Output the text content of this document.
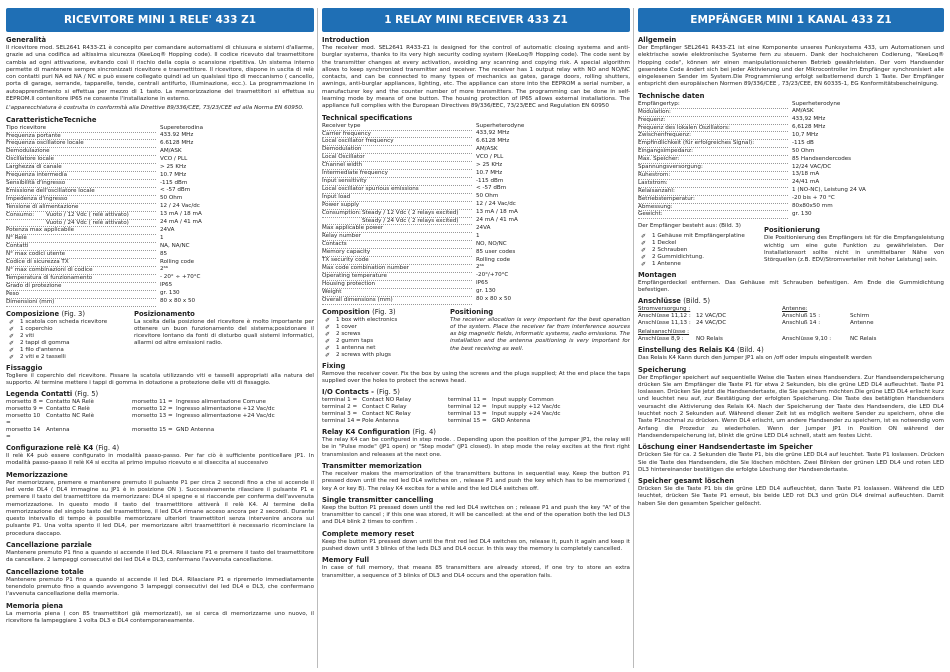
RICEVITORE MINI 1 RELE' 433 Z1
Generalità
Il ricevitore mod. SEL2641 R433-Z1 è concepito per comandare automatismi di chiusura e sistemi d'allarme, grazie ad una codifica ad altissima sicurezza (KeeLoq® Hopping code). Il codice ricevuto dal trasmettitore cambia ad ogni attivazione, evitando così il rischio della copia o scansione ripetitiva. Un sistema interno permette di mantenere sempre sincronizzati ricevitore e trasmettitore. Il ricevitore, dispone in uscita di relè con contatti puri NA ed NA / NC e può essere collegato quindi ad un qualsiasi tipo di meccanismo ( cancello, porta di garage, serrande, tapparelle, tende, centrali antifurto, illuminazione, ecc.). La programmazione in autoapprendimento si effettua per mezzo di 1 tasto. La memorizzazione dei trasmettitori si effettua su EEPROM.Il contenitore IP65 ne consente l'installazione in esterno.
L'apparecchiatura è costruita in conformità alla Direttive 89/336/CEE, 73/23/CEE ed alla Norma EN 60950.
CaratteristicheTecniche
Tipo ricevitore	Supereterodina
Frequenza portante	433.92 MHz
Frequenza oscillatore locale	6.6128 MHz
Demodulazione	AM/ASK
Oscillatore locale	VCO / PLL
Larghezza di canale	> 25 KHz
Frequenza intermedia	10.7 MHz
Sensibilità d'ingresso	-115 dBm
Emissione dell'oscillatore locale	< -57 dBm
Impedenza d'ingresso	50 Ohm
Tensione di alimentazione	12 / 24 Vac/dc

Consumo: Vuoto / 12 Vdc ( relè attivato)	13 mA / 18 mA

Vuoto / 24 Vdc ( relè attivato)	24 mA / 41 mA
Potenza max applicabile	24VA
N° Relè	1
Contatti	NA, NA/NC
N° max codici utente	85
Codice di sicurezza TX	Rolling code
N° max combinazioni di codice	2⁶⁶
Temperatura di funzionamento	- 20° ÷ +70°C
Grado di protezione	IP65
Peso	gr. 130
Dimensioni (mm)	80 x 80 x 50
Composizione (Fig. 3)
✐	1 scatola con scheda ricevitore
✐	1 coperchio
✐	2 viti
✐	2 tappi di gomma
✐	1 filo d'antenna
✐	2 viti e 2 tasselli
Posizionamento
La scelta della posizione del ricevitore è molto importante per ottenere un buon funzionamento del sistema;posizionare il ricevitore lontano da fonti di disturbo quali sistemi informatici, allarmi od altre emissioni radio.
Fissaggio
Togliere il coperchio del ricevitore. Fissare la scatola utilizzando viti e tasselli appropriati alla natura del supporto. Al termine mettere i tappi di gomma in dotazione a protezione delle viti di fissaggio.
Legenda Contatti (Fig. 5)
morsetto 8 = Contatto NA Relè	morsetto 11 = Ingresso alimentazione Comune
morsetto 9 = Contatto C Relè	morsetto 12 = Ingresso alimentazione +12 Vac/dc
morsetto 10 =
Contatto NC Relè	morsetto 13 = Ingresso alimentazione +24 Vac/dc
morsetto 14 =
Antenna	morsetto 15 = GND Antenna
Configurazione relè K4 (Fig. 4)
Il relè K4 può essere configurato in modalità passo-passo. Per far ciò è sufficiente ponticellare JP1. In modalità passo-passo il relè K4 si eccita al primo impulso ricevuto e si diseccita al successivo
Memorizzazione
Per memorizzare, premere e mantenere premuto il pulsante P1 per circa 2 secondi fino a che si accende il led verde DL4 ( DL4 immagine su JP1 è in posizione ON ). Successivamente rilasciare il pulsante P1 e premere il tasto del trasmettitore da memorizzare: DL4 si spegne e si riaccende per conferma dell'avvenuta memorizzazione. In questo modo il tasto del trasmettitore attiverà il relè K4. Al termine della memorizzazione del singolo tasto del trasmettitore, il led DL4 rimane acceso ancora per 2 secondi. Durante questo intervallo di tempo è possibile memorizzare ulteriori trasmettitori senza intervenire ancora sul pulsante P1. Una volta spento il led DL4, per memorizzare altri trasmettitori è necessario ricominciare la procedura daccapo.
Cancellazione parziale
Mantenere premuto P1 fino a quando si accende il led DL4. Rilasciare P1 e premere il tasto del trasmettitore da cancellare. 2 lampeggi consecutivi dei led DL4 e DL3, confermano l'avvenuta cancellazione.
Cancellazione totale
Mantenere premuto P1 fino a quando si accende il led DL4. Rilasciare P1 e ripremerlo immediatamente tenendolo premuto fino a quando avvengono 3 lampeggi consecutivi dei led DL4 e DL3, che confermano l'avvenuta cancellazione della memoria.
Memoria piena
La memoria piena ( con 85 trasmettitori già memorizzati), se si cerca di memorizzarne uno nuovo, il ricevitore fa lampeggiare 1 volta DL3 e DL4 contemporaneamente.
1 RELAY MINI RECEIVER 433 Z1
Introduction
The receiver mod. SEL2641 R433-Z1 is designed for the control of automatic closing systems and anti-burglar systems, thanks to its very high security coding system (KeeLoq® Hopping code). The code sent by the transmitter changes at every activation, avoiding any scanning and copying risk. A special algorithm allows to keep synchronized transmitter and receiver. The receiver has 1 output relay with NO and NO/NC contacts, and can be connected to many types of mechanics as gates, garage doors, rolling shutters, awnings, anti-burglar appliances, lighting, etc. The appliance can store into the EEPROM a serial number, a manufacturer key and the counter number of more transmitters. The programming can be done in self-learning mode by means of one button. The housing protection of IP65 allows external installations. The appliance full complies with the European Directives 89/336/EEC, 73/23/EEC and Regulation EN 60950
Technical specifications
Receiver type	Superheterodyne
Carrier frequency	433,92 MHz
Local oscillator frequency	6.6128 MHz
Demodulation	AM/ASK
Local Oscillator	VCO / PLL
Channel width	> 25 KHz
Intermediate frequency	10.7 MHz
Input sensitivity	-115 dBm
Local oscillator spurious emissions	< -57 dBm
Input load	50 Ohm
Power supply	12 / 24 Vac/dc

Consumption: Steady / 12 Vdc ( 2 relays excited)	13 mA / 18 mA

Steady / 24 Vdc ( 2 relays excited)	24 mA / 41 mA
Max applicable power	24VA
Relay number	1
Contacts	NO, NO/NC
Memory capacity	85 user codes
TX security code	Rolling code
Max code combination number	2⁶⁶
Operating temperature	-20°/+70°C
Housing protection	IP65
Weight	gr. 130
Overall dimensions (mm)	80 x 80 x 50
Composition (Fig. 3)
✐	1 box with electronics
✐	1 cover
✐	2 screws
✐	2 gumm taps
✐	1 antenna net
✐	2 screws with plugs
Positioning
The receiver allocation is very important for the best operation of the system. Place the receiver far from interference sources as big magnetic fields, informatic systems, radio emissions. The installation and the antenna positioning is very important for the best receiving as well.
Fixing
Remove the receiver cover. Fix the box by using the screws and the plugs supplied; At the end place the taps supplied over the holes to protect the screws head.
I/O Contacts - (Fig. 5)
terminal 1 = Contact NO Relay	terminal 11 = Input supply Common
terminal 2 = Contact C Relay	terminal 12 = Input supply +12 Vac/dc
terminal 3 = Contact NC Relay	terminal 13 = Input supply +24 Vac/dc
terminal 14 = Pole Antenna	terminal 15 = GND Antenna
Relay K4 Configuration (Fig. 4)
The relay K4 can be configured in step mode. . Depending upon the position of the jumper JP1, the relay will be in "Pulse mode" (JP1 open) or "Step mode" (JP1 closed). In step mode the relay excites at the first right transmission and releases at the next one.
Transmitter memorization
The receiver makes the memorization of the transmitters buttons in sequential way. Keep the button P1 pressed down until the red led DL4 switches on , release P1 and push the key which has to be memorized ( key A or key B). The relay K4 excites for a while and the led DL4 switches off.
Single transmitter cancelling
Keep the button P1 pressed down until the red led DL4 switches on ; release P1 and push the key "A" of the transmitter to cancel ; if this one was stored, it will be cancelled: at the end of the operation both the led DL3 and DL4 blink 2 times to confirm .
Complete memory reset
Keep the button P1 pressed down until the first red led DL4 switches on, release it, push it again and keep it pushed down until 3 blinks of the leds DL3 and DL4 occur. In this way the memory is completely cancelled.
Memory Full
In case of full memory, that means 85 transmitters are already stored, if one try to store an extra transmitter, a sequence of 3 blinks of DL3 and DL4 occurs and the operation fails.
EMPFÄNGER MINI 1 KANAL 433 Z1
Allgemein
Der Empfänger SEL2641 R433-Z1 ist eine Komponente unseres Funksystems 433, um Automationen und elektrische sowie elektronische Systeme fern zu steuern. Dank der hochsicheren Codierung, "KeeLoq® Hopping code", können wir einen manipulationssicheren Betrieb gewährleisten. Der vom Handsender gesendete Code ändert sich bei jeder Aktivierung und der Mikrocontroller im Empfänger synchronisiert alle eingelesenen Sender im System.Die Programmierung erfolgt selbstlernend durch 1 Taste. Der Empfänger entspricht den europäischen Normen 89/336/CEE , 73/23/CEE, EN 60335-1, EG Konformitätsbescheinigung.
Technische daten
Empfängertyp:	Superheterodyne
Modulation:	AM/ASK
Frequenz:	433,92 MHz
Frequenz des lokalen Oszillators:	6,6128 MHz
Zwischenfrequenz:	10,7 MHz
Empfindlichkeit (für erfolgreiches Signal):	-115 dB
Eingangsimpedanz:	50 Ohm
Max. Speicher:	85 Handsendercodes
Spannungsversorgung:	12/24 VAC/DC
Ruhestrom:	13/18 mA
Laststrom:	24/41 mA
Relaisanzahl:	1 (NO-NC), Leistung 24 VA
Betriebstemperatur:	-20 bis + 70 °C
Abmessung:	80x80x50 mm
Gewicht:	gr. 130
Der Empfänger besteht aus: (Bild. 3)
✐	1 Gehäuse mit Empfängerplatine
✐	1 Deckel
✐	2 Schrauben
✐	2 Gummidichtung.
✐	1 Antenne
Positionierung
Die Positionierung des Empfängers ist für die Empfangsleistung wichtig um eine gute Funktion zu gewährleisten. Der Installationsort sollte nicht in unmittelbarer Nähe von Störquellen (z.B. EDV/Stromverteiler mit hoher Leistung) sein.
Montagen
Empfängerdeckel entfernen. Das Gehäuse mit Schrauben befestigen. Am Ende die Gummidichtung befestigen.
Anschlüsse (Bild. 5)
Stromversorgung :	Antenne:
Anschlüsse 11,12 : 12 VAC/DC	Anschluß 15 :	Schirm
Anschlüsse 11,13 : 24 VAC/DC	Anschluß 14 :	Antenne
Relaisanschlüsse :
Anschlüsse 8,9 :	NO Relais	Anschlüsse 9,10 :	NC Relais
Einstellung des Relais K4 (Bild. 4)
Das Relais K4 Kann durch den Jumper JP1 als on /off oder impuls eingestellt werden
Speicherung
Der Empfänger speichert auf sequentielle Weise die Tasten eines Handsenders. Zur Handsenderspeicherung drücken Sie am Empfänger die Taste P1 für etwa 2 Sekunden, bis die grüne LED DL4 aufleuchtet. Taste P1 loslassen. Drücken Sie jetzt die Handsendertaste, die Sie speichern möchten.Die grüne LED DL4 erlischt kurz und leuchtet neu auf, zur Bestätigung der erfolgten Speicherung. Die Taste des betätigten Handsenders veursacht die Aktivierung des Relais K4. Nach der Speicherung der Taste des Handsenders, die LED DL4 leuchtet noch 2 Sekunden auf. Während dieser Zeit ist es möglich weitere Sender zu speichern, ohne die Taste P1nochmal zu drücken. Wenn DL4 erlischt, um andere Handsender zu speichern, ist es notwendig vom Anfang die Prozedur zu wiederholen. Wenn der Jumper JP1 in Position ON während der Handsenderspeicherung ist, blinkt die grüne LED DL4 schnell, statt am festes Licht.
Löschung einer Handsendertaste im Speicher
Drücken Sie für ca. 2 Sekunden die Taste P1, bis die grüne LED DL4 auf leuchtet. Taste P1 loslassen. Drücken Sie die Taste des Handsenders, die Sie löschen möchten. Zwei Blinken der grünen LED DL4 und roten LED DL3 hintereinander bestätigen die erfolgte Löschung der Handsendertaste.
Speicher gesamt löschen
Drücken Sie die Taste P1 bis die grüne LED DL4 aufleuchtet, dann Taste P1 loslassen. Während die LED leuchtet, drücken Sie Taste P1 erneut, bis beide LED rot DL3 und grün DL4 dreimal aufleuchten. Damit haben Sie den gesamten Speicher gelöscht.
